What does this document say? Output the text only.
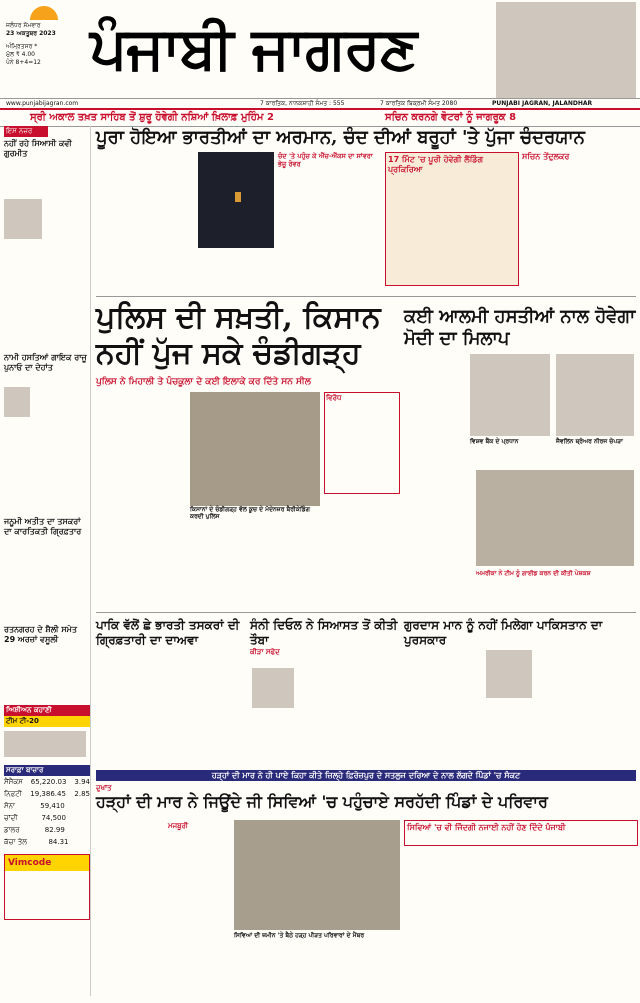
ਜਲੰਧਰ ਸੋਮਵਾਰ
23 ਅਕਤੂਬਰ 2023
ਅੰਮ੍ਰਿਤਸਰ *
ਮੁੱਲ ₹ 4.00
ਪੰਨੇ 8+4=12 ਪੰਜਾਬੀ ਜਾਗਰਣ
www.punjabijagran.com	7 ਕਾਰਤਿਕ, ਨਾਨਕਸ਼ਾਹੀ ਸੰਮਤ : 555	7 ਕਾਰਤਿਕ ਬਿਕ੍ਰਮੀ ਸੰਮਤ 2080	PUNJABI JAGRAN, JALANDHAR
ਸ੍ਰੀ ਅਕਾਲ ਤਖ਼ਤ ਸਾਹਿਬ ਤੋਂ ਸ਼ੁਰੂ ਹੋਵੇਗੀ ਨਸ਼ਿਆਂ ਖ਼ਿਲਾਫ਼ ਮੁਹਿੰਮ 2	ਸਚਿਨ ਕਰਨਗੇ ਵੋਟਰਾਂ ਨੂੰ ਜਾਗਰੂਕ 8
ਇਸ ਨਜ਼ਰ
ਨਹੀਂ ਰਹੇ ਸਿਆਸੀ ਕਵੀ ਗੁਰਮੀਤ

ਨਾਮੀ ਹਸਤਿਆਂ ਗਾਇਕ ਰਾਜੂ ਪੁਨਾਓ ਦਾ ਦੇਹਾਂਤ

ਜਨੂਮੀ ਅਤੀਤ ਦਾ ਤਸਕਰਾਂ ਦਾ ਕਾਰਤਿਕਤੀ ਗ੍ਰਿਫ਼ਤਾਰ

ਰਤਨਗਰਹ ਦੇ ਸ਼ੈਲੀ ਸਮੇਤ 29 ਅਰਜ਼ਾਂ ਵਸੂਲੀ

ਅਿਸ਼ੀਅਨ ਕਹਾਣੀ
ਟੀਮ ਟੀ-20
ਸਰਾਫ਼ਾ ਬਾਜ਼ਾਰ
ਸੈਂਸੈਕਸ 65,220.03 3.94
ਨਿਫ਼ਟੀ 19,386.45 2.85
ਸੋਨਾ	59,410
ਚਾਂਦੀ	74,500
ਡਾਲਰ	82.99
ਕੱਚਾ ਤੇਲ	84.31
Vimcode
ਪੂਰਾ ਹੋਇਆ ਭਾਰਤੀਆਂ ਦਾ ਅਰਮਾਨ, ਚੰਦ ਦੀਆਂ ਬਰੂਹਾਂ 'ਤੇ ਪੁੱਜਾ ਚੰਦਰਯਾਨ

ਚੰਦ 'ਤੇ ਪਹੁੰਚ ਕੇ ਐੱਚ-ਐੱਕਸ ਦਾ ਸਾਂਵਰਾ ਭੇਜੂ ਰੋਵਰ
	17 ਮਿੰਟ 'ਚ ਪੂਰੀ ਹੋਵੇਗੀ ਲੈਂਡਿੰਗ ਪ੍ਰਕਿਰਿਆ
ਸਚਿਨ ਤੇਂਦੁਲਕਰ
ਪੁਲਿਸ ਦੀ ਸਖ਼ਤੀ, ਕਿਸਾਨ ਨਹੀਂ ਪੁੱਜ ਸਕੇ ਚੰਡੀਗੜ੍ਹ
ਪੁਲਿਸ ਨੇ ਮਿਹਾਲੀ ਤੇ ਪੰਚਕੂਲਾ ਦੇ ਕਈ ਇਲਾਕੇ ਕਰ ਦਿੱਤੇ ਸਨ ਸੀਲ

ਕਿਸਾਨਾਂ ਦੇ ਚੰਡੀਗੜ੍ਹ ਵੱਲ ਕੂਚ ਦੇ ਮੱਦੇਨਜ਼ਰ ਬੈਰੀਕੇਡਿੰਗ ਕਰਦੀ ਪੁਲਿਸ
ਵਿਰੋਧ
ਕਈ ਆਲਮੀ ਹਸਤੀਆਂ ਨਾਲ ਹੋਵੇਗਾ ਮੋਦੀ ਦਾ ਮਿਲਾਪ
ਵਿਸ਼ਵ ਬੈਂਕ ਦੇ ਪ੍ਰਧਾਨ	ਜੈਵਲਿਨ ਥ੍ਰੋਅਰ ਨੀਰਜ ਚੋਪੜਾ
ਅਮਰੀਕਾ ਨੇ ਟੀਮ ਨੂੰ ਗਾਈਡ ਕਰਨ ਦੀ ਕੀਤੀ ਪੇਸ਼ਕਸ਼
ਪਾਕਿ ਵੱਲੋਂ ਛੇ ਭਾਰਤੀ ਤਸਕਰਾਂ ਦੀ ਗ੍ਰਿਫ਼ਤਾਰੀ ਦਾ ਦਾਅਵਾ

ਸੰਨੀ ਦਿਓਲ ਨੇ ਸਿਆਸਤ ਤੋਂ ਕੀਤੀ ਤੌਬਾ
ਕੀੜਾ ਸਫੇਦ
ਗੁਰਦਾਸ ਮਾਨ ਨੂੰ ਨਹੀਂ ਮਿਲੇਗਾ ਪਾਕਿਸਤਾਨ ਦਾ ਪੁਰਸਕਾਰ
ਹੜ੍ਹਾਂ ਦੀ ਮਾਰ ਨੇ ਹੀ ਪਾਏ ਕਿਹਾ ਕੀਤੇ ਜ਼ਿਲ੍ਹੇ ਫ਼ਿਰੋਜ਼ਪੁਰ ਦੇ ਸਤਲੁਜ ਦਰਿਆ ਦੇ ਨਾਲ ਲੱਗਦੇ ਪਿੰਡਾਂ 'ਚ ਸੰਕਟ
ਦੁਖਾਂਤ
ਹੜ੍ਹਾਂ ਦੀ ਮਾਰ ਨੇ ਜਿਊਂਦੇ ਜੀ ਸਿਵਿਆਂ 'ਚ ਪਹੁੰਚਾਏ ਸਰਹੱਦੀ ਪਿੰਡਾਂ ਦੇ ਪਰਿਵਾਰ

ਮਜਬੂਰੀ
ਸਿਵਿਆਂ ਦੀ ਜ਼ਮੀਨ 'ਤੇ ਬੈਠੇ ਹੜ੍ਹ ਪੀੜਤ ਪਰਿਵਾਰਾਂ ਦੇ ਮੈਂਬਰ
ਸਿਵਿਆਂ 'ਚ ਵੀ ਜਿੰਦਗੀ ਨਜਾਈ ਨਹੀਂ ਹੋਣ ਦਿੰਦੇ ਪੰਜਾਬੀ
